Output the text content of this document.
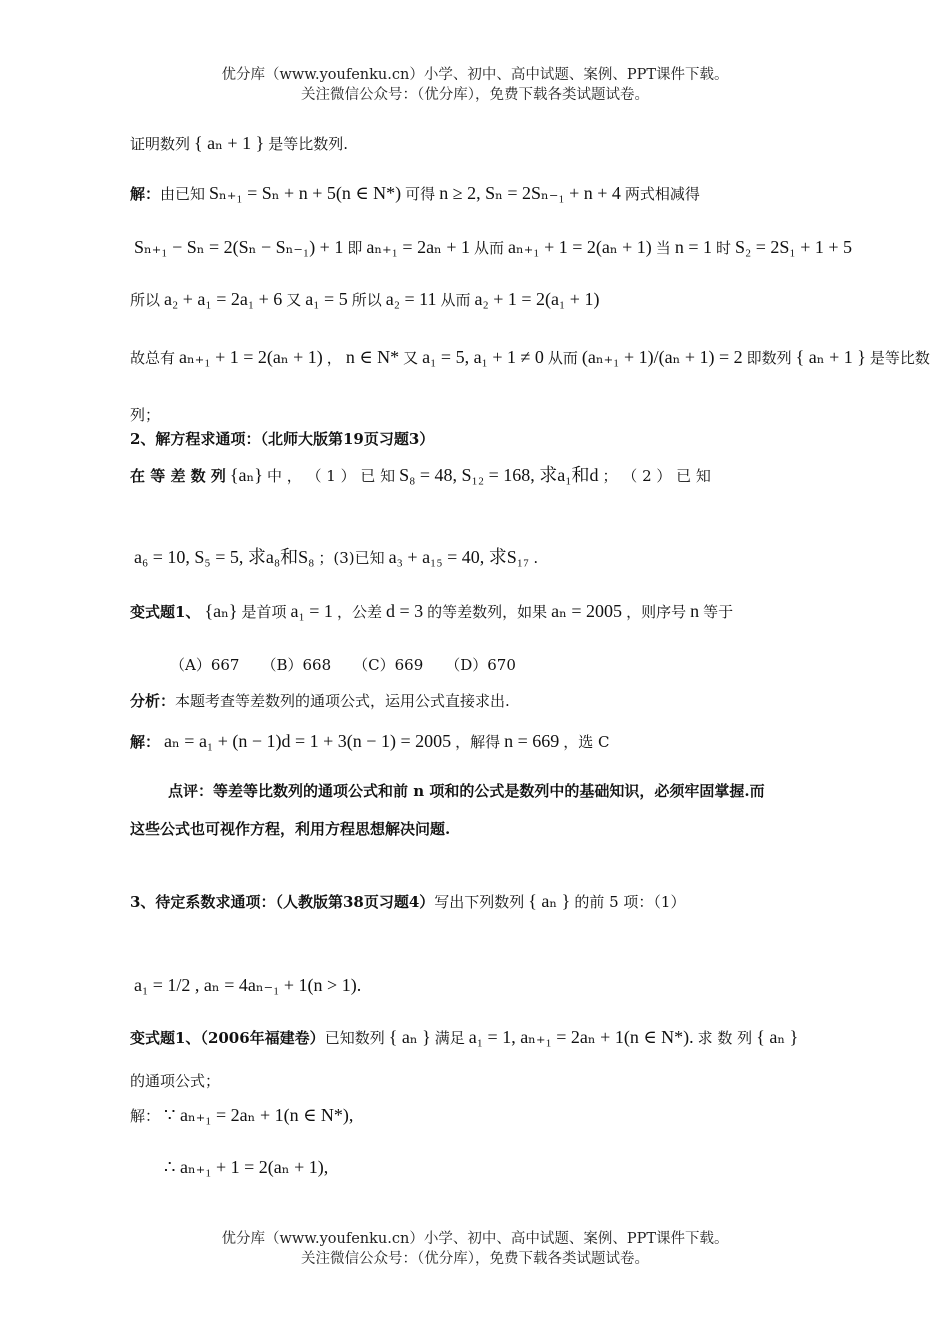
优分库（www.youfenku.cn）小学、初中、高中试题、案例、PPT课件下载。
关注微信公众号：（优分库），免费下载各类试题试卷。
证明数列 { aₙ + 1 } 是等比数列.
解：由已知 Sₙ₊₁ = Sₙ + n + 5(n ∈ N*) 可得 n ≥ 2, Sₙ = 2Sₙ₋₁ + n + 4 两式相减得
Sₙ₊₁ − Sₙ = 2(Sₙ − Sₙ₋₁) + 1 即 aₙ₊₁ = 2aₙ + 1 从而 aₙ₊₁ + 1 = 2(aₙ + 1) 当 n = 1 时 S₂ = 2S₁ + 1 + 5
所以 a₂ + a₁ = 2a₁ + 6 又 a₁ = 5 所以 a₂ = 11 从而 a₂ + 1 = 2(a₁ + 1)
故总有 aₙ₊₁ + 1 = 2(aₙ + 1) ， n ∈ N* 又 a₁ = 5, a₁ + 1 ≠ 0 从而 (aₙ₊₁ + 1)/(aₙ + 1) = 2 即数列 { aₙ + 1 } 是等比数
列；
2、解方程求通项：（北师大版第19页习题3）
在 等 差 数 列 {aₙ} 中 ， （ 1 ） 已 知 S₈ = 48, S₁₂ = 168, 求a₁和d ； （ 2 ） 已 知
a₆ = 10, S₅ = 5, 求a₈和S₈ ；(3)已知 a₃ + a₁₅ = 40, 求S₁₇ .
变式题1、 {aₙ} 是首项 a₁ = 1 ，公差 d = 3 的等差数列，如果 aₙ = 2005 ，则序号 n 等于
（A）667 （B）668 （C）669 （D）670
分析：本题考查等差数列的通项公式，运用公式直接求出.
解： aₙ = a₁ + (n − 1)d = 1 + 3(n − 1) = 2005 ，解得 n = 669 ，选 C
点评：等差等比数列的通项公式和前 n 项和的公式是数列中的基础知识，必须牢固掌握.而
这些公式也可视作方程，利用方程思想解决问题.
3、待定系数求通项：（人教版第38页习题4）写出下列数列 { aₙ } 的前 5 项：（1）
a₁ = 1/2 , aₙ = 4aₙ₋₁ + 1(n > 1).
变式题1、（2006年福建卷）已知数列 { aₙ } 满足 a₁ = 1, aₙ₊₁ = 2aₙ + 1(n ∈ N*). 求 数 列 { aₙ }
的通项公式；
解： ∵ aₙ₊₁ = 2aₙ + 1(n ∈ N*),
∴ aₙ₊₁ + 1 = 2(aₙ + 1),
优分库（www.youfenku.cn）小学、初中、高中试题、案例、PPT课件下载。
关注微信公众号：（优分库），免费下载各类试题试卷。
